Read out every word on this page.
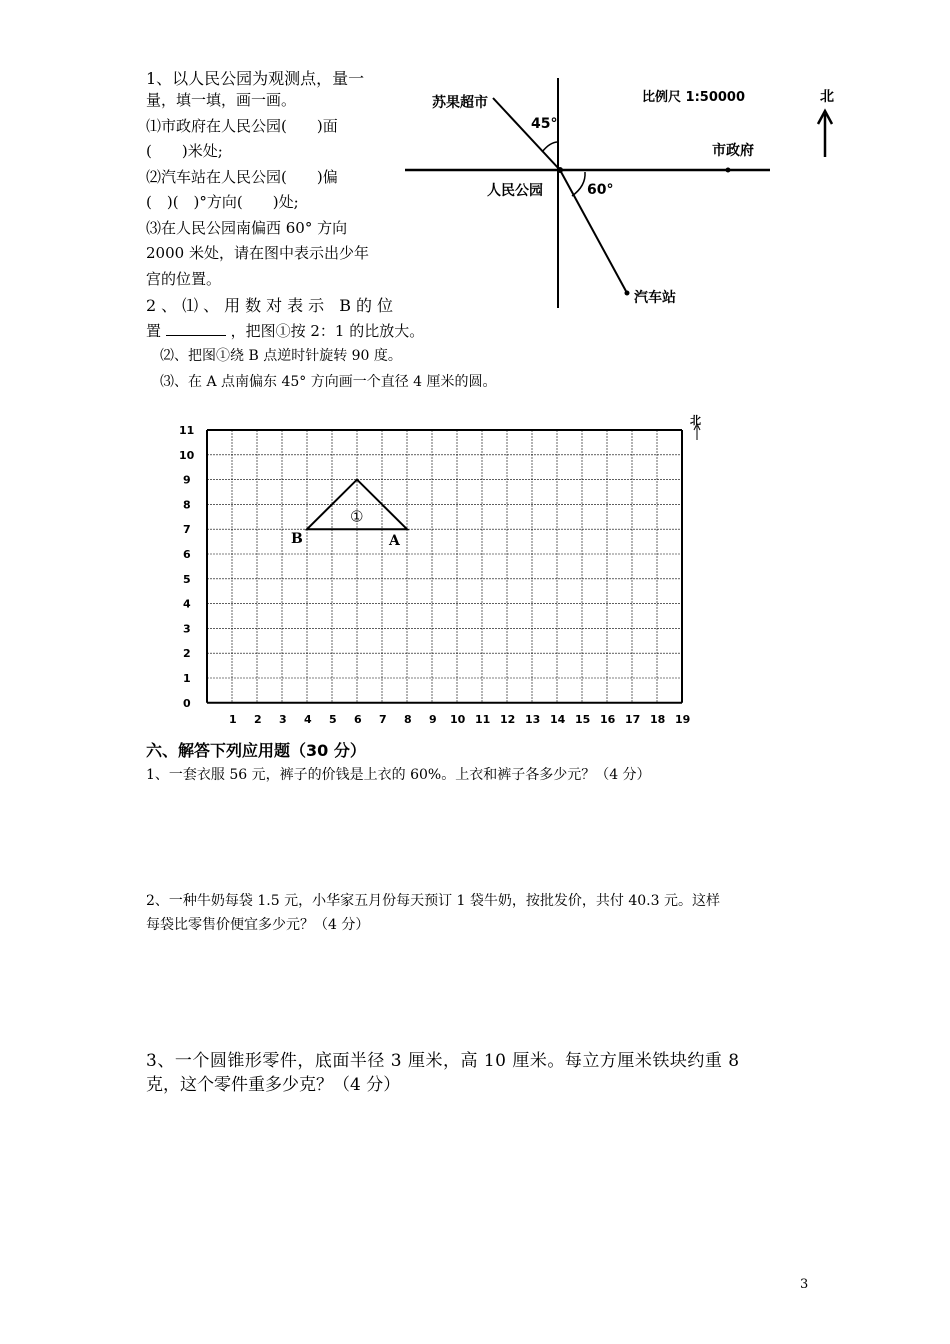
1、以人民公园为观测点，量一
量，填一填，画一画。
⑴市政府在人民公园(　　)面
(　　)米处;
⑵汽车站在人民公园(　　)偏
(　)(　)°方向(　　)处;
⑶在人民公园南偏西 60° 方向
2000 米处，请在图中表示出少年
宫的位置。
苏果超市	比例尺 1:50000	北
45°
市政府
人民公园	60°
汽车站
2、⑴、用数对表示 B的位
置	，把图①按 2：1 的比放大。
⑵、把图①绕 B 点逆时针旋转 90 度。
⑶、在 A 点南偏东 45° 方向画一个直径 4 厘米的圆。
1 2 3 4 5 6 7 8 9 10 11 12 13 14 15 16 17 18 19
0
1
2
3
4
5
6
7
8
9
10
11
B	A
①
北
六、解答下列应用题（30 分）
1、一套衣服 56 元，裤子的价钱是上衣的 60%。上衣和裤子各多少元？（4 分）
2、一种牛奶每袋 1.5 元，小华家五月份每天预订 1 袋牛奶，按批发价，共付 40.3 元。这样
每袋比零售价便宜多少元？（4 分）
3、一个圆锥形零件，底面半径 3 厘米，高 10 厘米。每立方厘米铁块约重 8
克，这个零件重多少克？（4 分）
3
